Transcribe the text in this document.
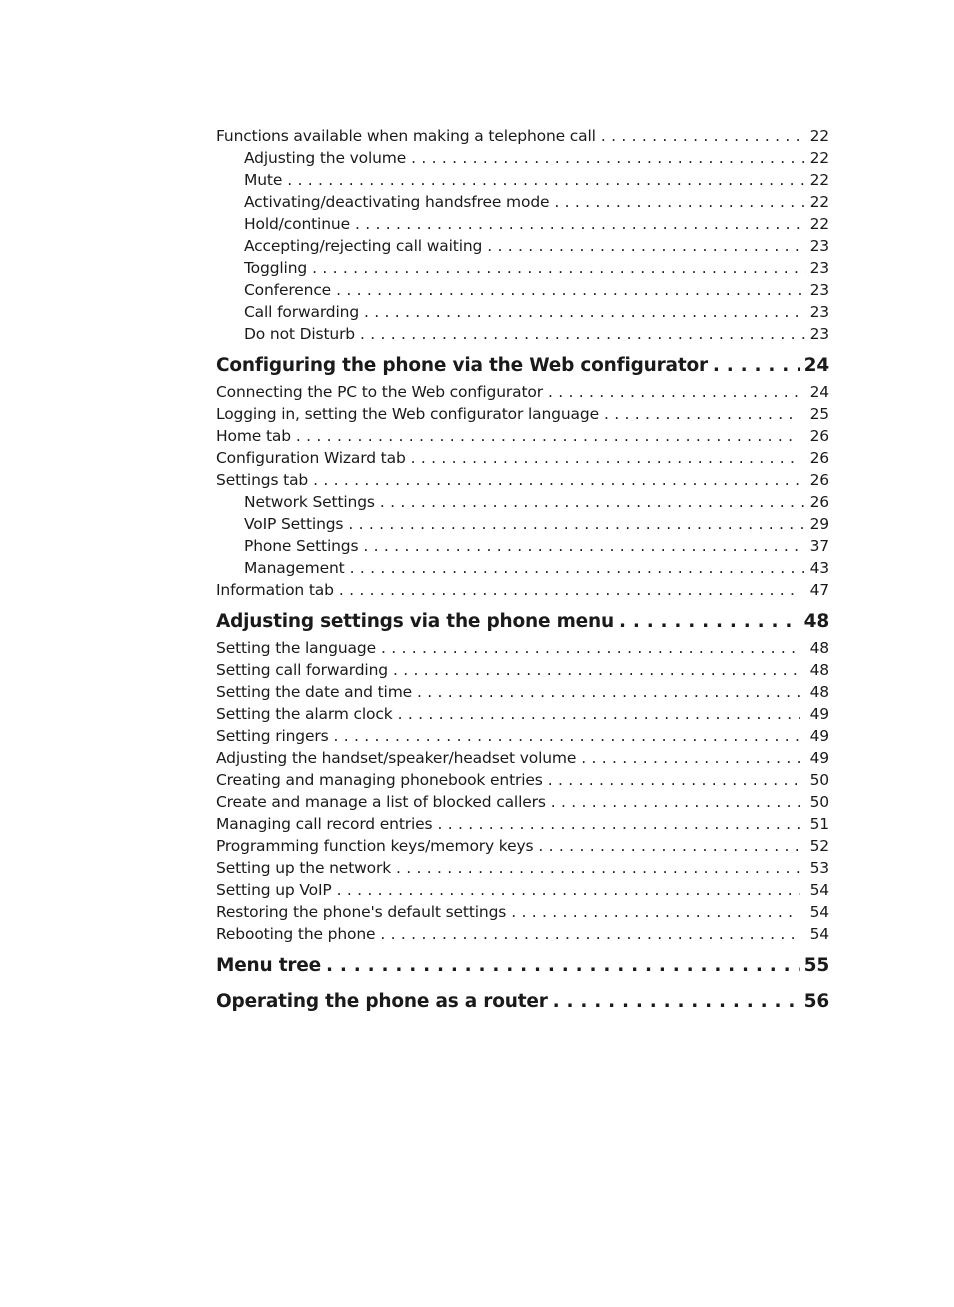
Functions available when making a telephone call . . .	22
Adjusting the volume . . .	22
Mute . . .	22
Activating/deactivating handsfree mode . . .	22
Hold/continue . . .	22
Accepting/rejecting call waiting . . .	23
Toggling . . .	23
Conference . . .	23
Call forwarding . . .	23
Do not Disturb . . .	23
Configuring the phone via the Web configurator . . .	24
Connecting the PC to the Web configurator . . .	24
Logging in, setting the Web configurator language . . .	25
Home tab . . .	26
Configuration Wizard tab . . .	26
Settings tab . . .	26
Network Settings . . .	26
VoIP Settings . . .	29
Phone Settings . . .	37
Management . . .	43
Information tab . . .	47
Adjusting settings via the phone menu . . .	48
Setting the language . . .	48
Setting call forwarding . . .	48
Setting the date and time . . .	48
Setting the alarm clock . . .	49
Setting ringers . . .	49
Adjusting the handset/speaker/headset volume . . .	49
Creating and managing phonebook entries . . .	50
Create and manage a list of blocked callers . . .	50
Managing call record entries . . .	51
Programming function keys/memory keys . . .	52
Setting up the network . . .	53
Setting up VoIP . . .	54
Restoring the phone's default settings . . .	54
Rebooting the phone . . .	54
Menu tree . . .	55
Operating the phone as a router . . .	56
